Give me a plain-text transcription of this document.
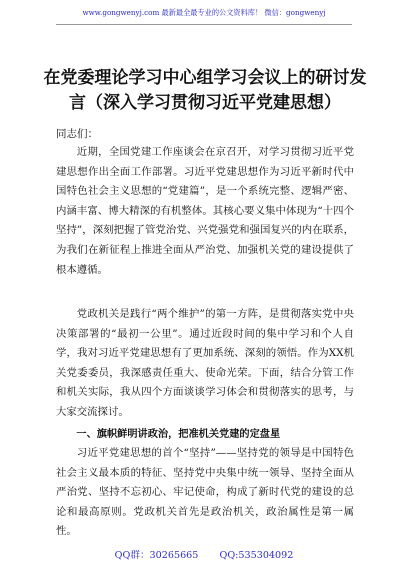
www.gongwenyj.com 最新最全最专业的公文资料库！ 微信：gongwenyj
在党委理论学习中心组学习会议上的研讨发言（深入学习贯彻习近平党建思想）
同志们：
近期，全国党建工作座谈会在京召开，对学习贯彻习近平党建思想作出全面工作部署。习近平党建思想作为习近平新时代中国特色社会主义思想的“党建篇”，是一个系统完整、逻辑严密、内涵丰富、博大精深的有机整体。其核心要义集中体现为“十四个坚持”，深刻把握了管党治党、兴党强党和强国复兴的内在联系，为我们在新征程上推进全面从严治党、加强机关党的建设提供了根本遵循。
党政机关是践行“两个维护”的第一方阵，是贯彻落实党中央决策部署的“最初一公里”。通过近段时间的集中学习和个人自学，我对习近平党建思想有了更加系统、深刻的领悟。作为XX机关党委委员，我深感责任重大、使命光荣。下面，结合分管工作和机关实际，我从四个方面谈谈学习体会和贯彻落实的思考，与大家交流探讨。
一、旗帜鲜明讲政治，把准机关党建的定盘星
习近平党建思想的首个“坚持”——坚持党的领导是中国特色社会主义最本质的特征、坚持党中央集中统一领导、坚持全面从严治党、坚持不忘初心、牢记使命，构成了新时代党的建设的总论和最高原则。党政机关首先是政治机关，政治属性是第一属性。
QQ群：30265665 QQ:535304092
